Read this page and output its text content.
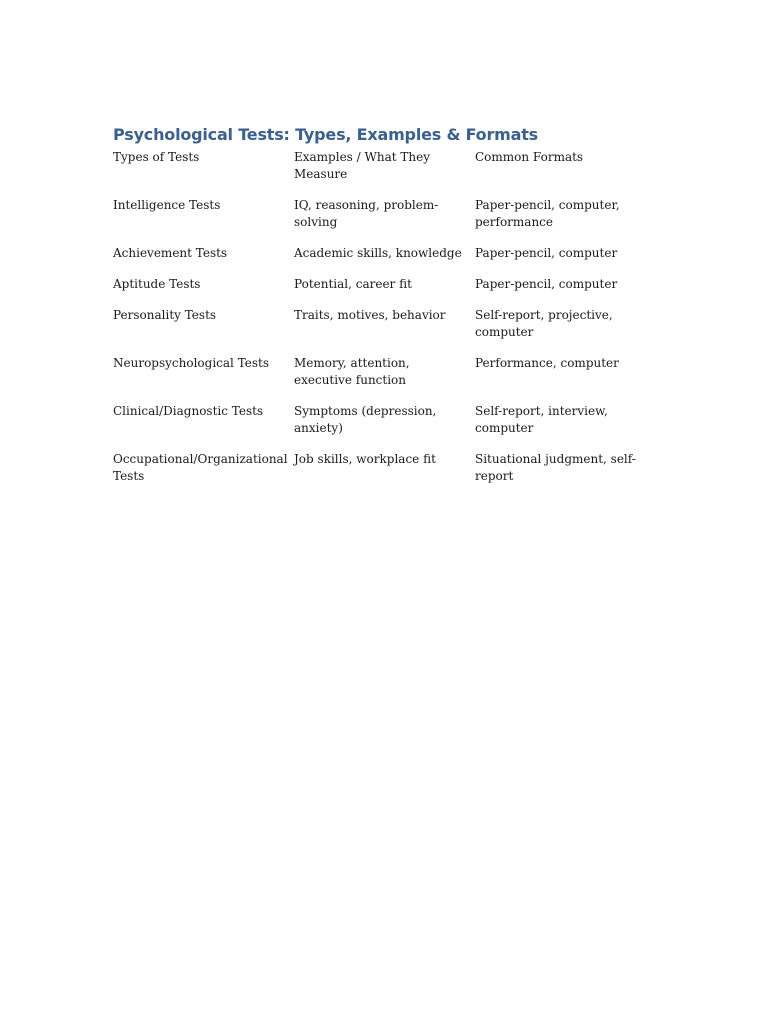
Psychological Tests: Types, Examples & Formats
Types of Tests	Examples / What They Measure	Common Formats
Intelligence Tests	IQ, reasoning, problem-solving	Paper-pencil, computer, performance
Achievement Tests	Academic skills, knowledge	Paper-pencil, computer
Aptitude Tests	Potential, career fit	Paper-pencil, computer
Personality Tests	Traits, motives, behavior	Self-report, projective, computer
Neuropsychological Tests	Memory, attention, executive function	Performance, computer
Clinical/Diagnostic Tests	Symptoms (depression, anxiety)	Self-report, interview, computer
Occupational/Organizational Tests	Job skills, workplace fit	Situational judgment, self-report
